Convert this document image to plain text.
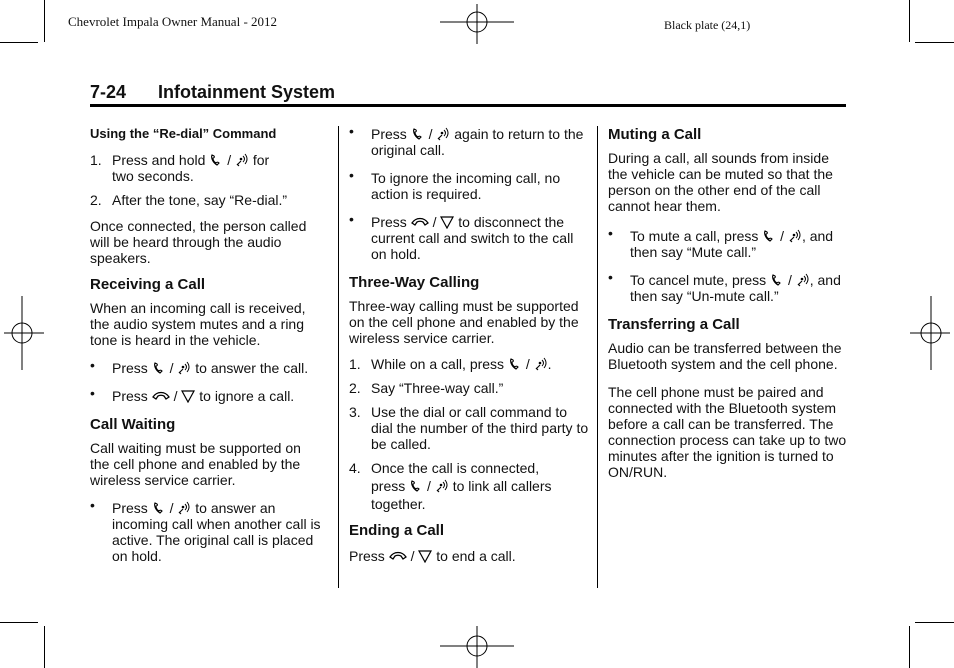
Chevrolet Impala Owner Manual - 2012	Black plate (24,1)
7-24 Infotainment System
Using the “Re-dial” Command
1. Press and hold / for
two seconds.
2. After the tone, say “Re-dial.”

Once connected, the person called will be heard through the audio speakers.

Receiving a Call

When an incoming call is received, the audio system mutes and a ring tone is heard in the vehicle.

• Press / to answer the call.
• Press / to ignore a call.
Call Waiting

Call waiting must be supported on the cell phone and enabled by the wireless service carrier.

• Press / to answer an incoming call when another call is active. The original call is placed on hold.
• Press / again to return to the original call.
• To ignore the incoming call, no action is required.
• Press / to disconnect the current call and switch to the call on hold.
Three-Way Calling

Three-way calling must be supported on the cell phone and enabled by the wireless service carrier.

1. While on a call, press / .
2. Say “Three-way call.”
3. Use the dial or call command to dial the number of the third party to be called.
4. Once the call is connected,
press / to link all callers together.
Ending a Call

Press / to end a call.

Muting a Call

During a call, all sounds from inside the vehicle can be muted so that the person on the other end of the call cannot hear them.

• To mute a call, press / , and then say “Mute call.”
• To cancel mute, press / , and then say “Un-mute call.”
Transferring a Call

Audio can be transferred between the Bluetooth system and the cell phone.

The cell phone must be paired and connected with the Bluetooth system before a call can be transferred. The connection process can take up to two minutes after the ignition is turned to ON/RUN.
